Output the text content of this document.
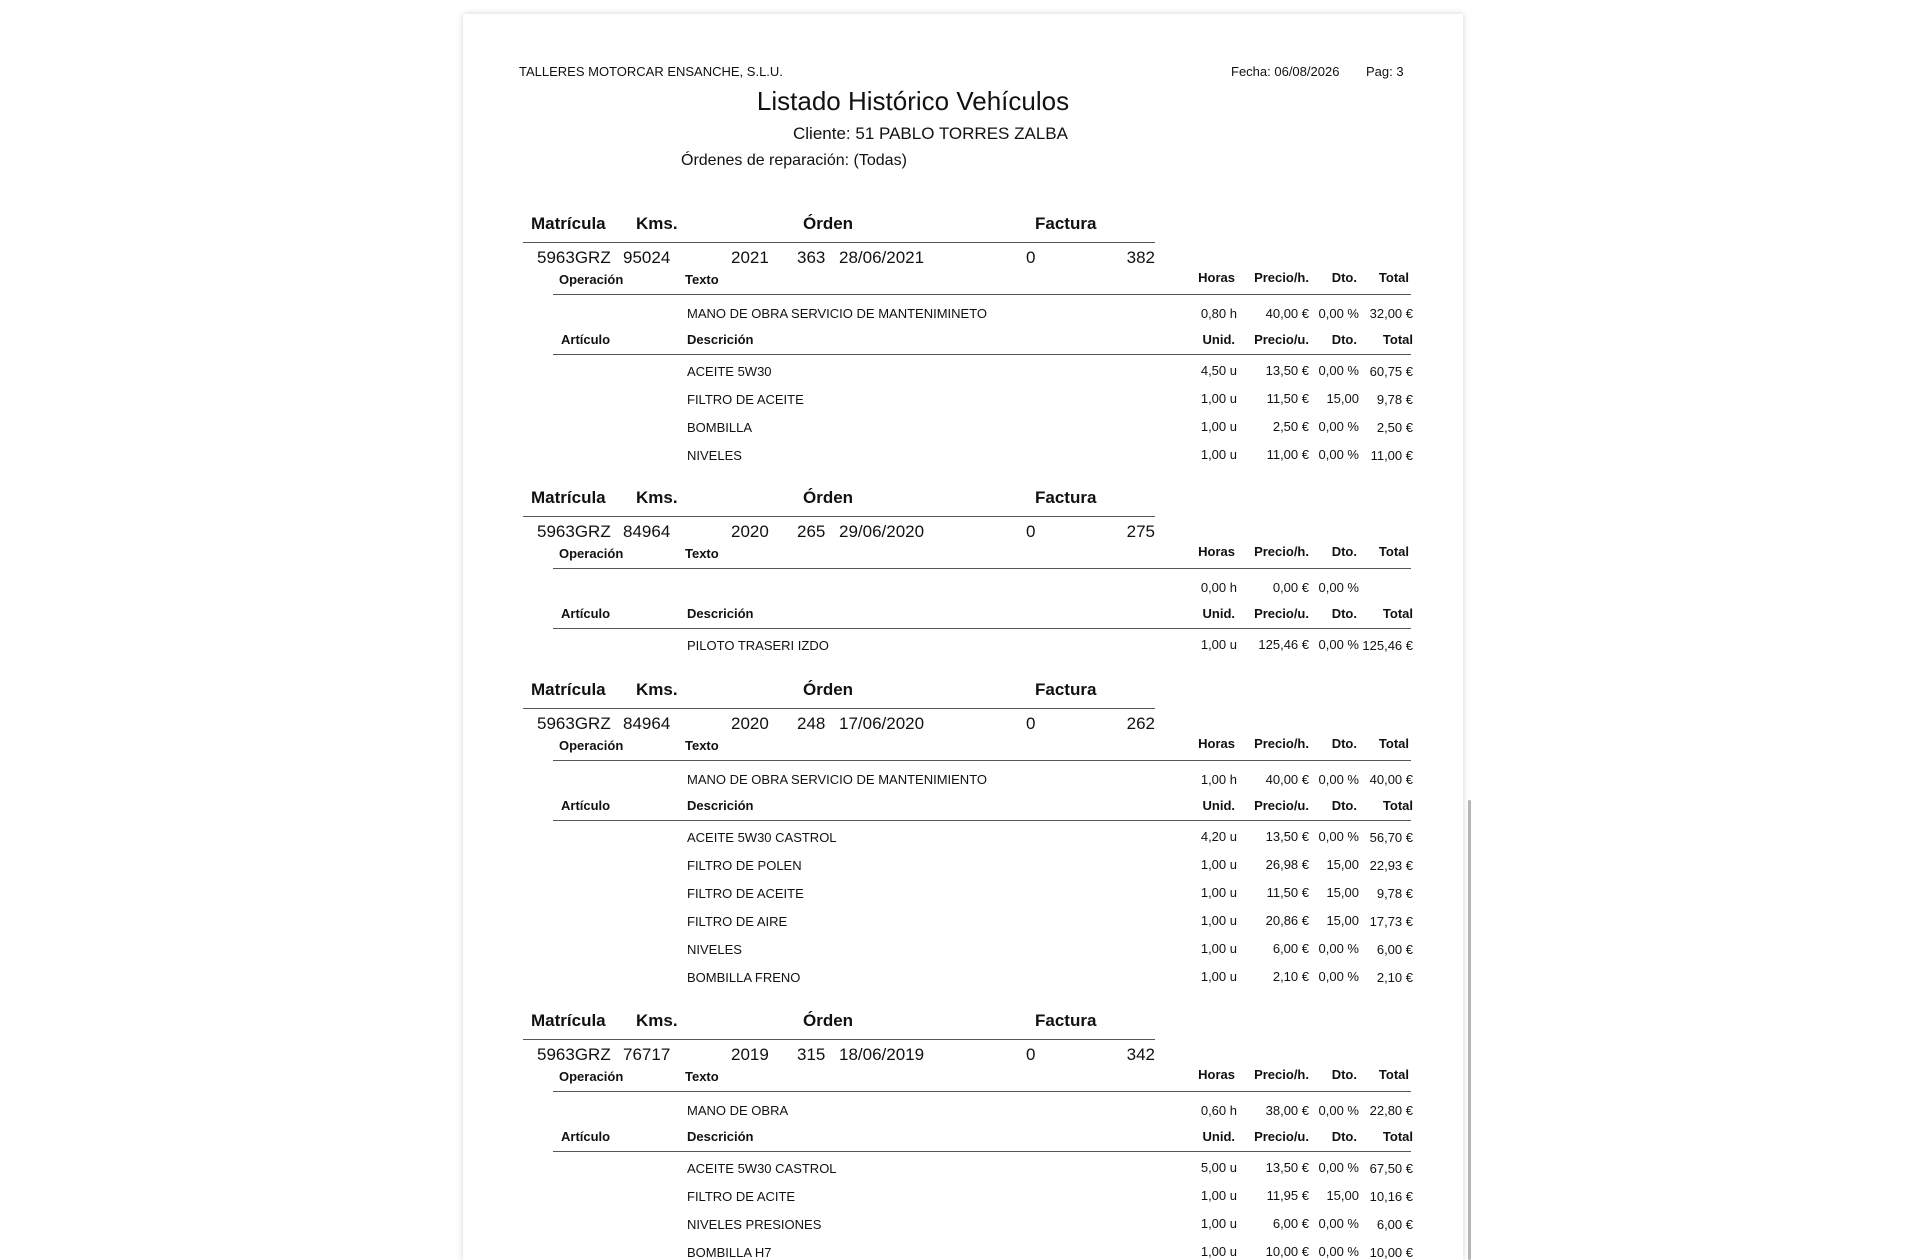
TALLERES MOTORCAR ENSANCHE, S.L.U.	Fecha: 06/08/2026 Pag: 3
Listado Histórico Vehículos
Cliente: 51 PABLO TORRES ZALBA
Órdenes de reparación: (Todas)
Matrícula Kms.	Órden	Factura
5963GRZ 95024	2021 363 28/06/2021	0	382
Operación	Texto	Horas	Precio/h.	Dto.	Total
MANO DE OBRA SERVICIO DE MANTENIMINETO	0,80 h	40,00 € 0,00 % 32,00 €
Artículo	Descrición	Unid.	Precio/u.	Dto.	Total
ACEITE 5W30	4,50 u	13,50 € 0,00 % 60,75 €
FILTRO DE ACEITE	1,00 u	11,50 €	15,00	9,78 €
BOMBILLA	1,00 u	2,50 € 0,00 %	2,50 €
NIVELES	1,00 u	11,00 € 0,00 % 11,00 €
Matrícula Kms.	Órden	Factura
5963GRZ 84964	2020 265 29/06/2020	0	275
Operación	Texto	Horas	Precio/h.	Dto.	Total
0,00 h	0,00 € 0,00 %
Artículo	Descrición	Unid.	Precio/u.	Dto.	Total
PILOTO TRASERI IZDO	1,00 u	125,46 € 0,00 % 125,46 €
Matrícula Kms.	Órden	Factura
5963GRZ 84964	2020 248 17/06/2020	0	262
Operación	Texto	Horas	Precio/h.	Dto.	Total
MANO DE OBRA SERVICIO DE MANTENIMIENTO	1,00 h	40,00 € 0,00 % 40,00 €
Artículo	Descrición	Unid.	Precio/u.	Dto.	Total
ACEITE 5W30 CASTROL	4,20 u	13,50 € 0,00 % 56,70 €
FILTRO DE POLEN	1,00 u	26,98 €	15,00 22,93 €
FILTRO DE ACEITE	1,00 u	11,50 €	15,00	9,78 €
FILTRO DE AIRE	1,00 u	20,86 €	15,00 17,73 €
NIVELES	1,00 u	6,00 € 0,00 %	6,00 €
BOMBILLA FRENO	1,00 u	2,10 € 0,00 %	2,10 €
Matrícula Kms.	Órden	Factura
5963GRZ 76717	2019 315 18/06/2019	0	342
Operación	Texto	Horas	Precio/h.	Dto.	Total
MANO DE OBRA	0,60 h	38,00 € 0,00 % 22,80 €
Artículo	Descrición	Unid.	Precio/u.	Dto.	Total
ACEITE 5W30 CASTROL	5,00 u	13,50 € 0,00 % 67,50 €
FILTRO DE ACITE	1,00 u	11,95 €	15,00 10,16 €
NIVELES PRESIONES	1,00 u	6,00 € 0,00 %	6,00 €
BOMBILLA H7	1,00 u	10,00 € 0,00 % 10,00 €
